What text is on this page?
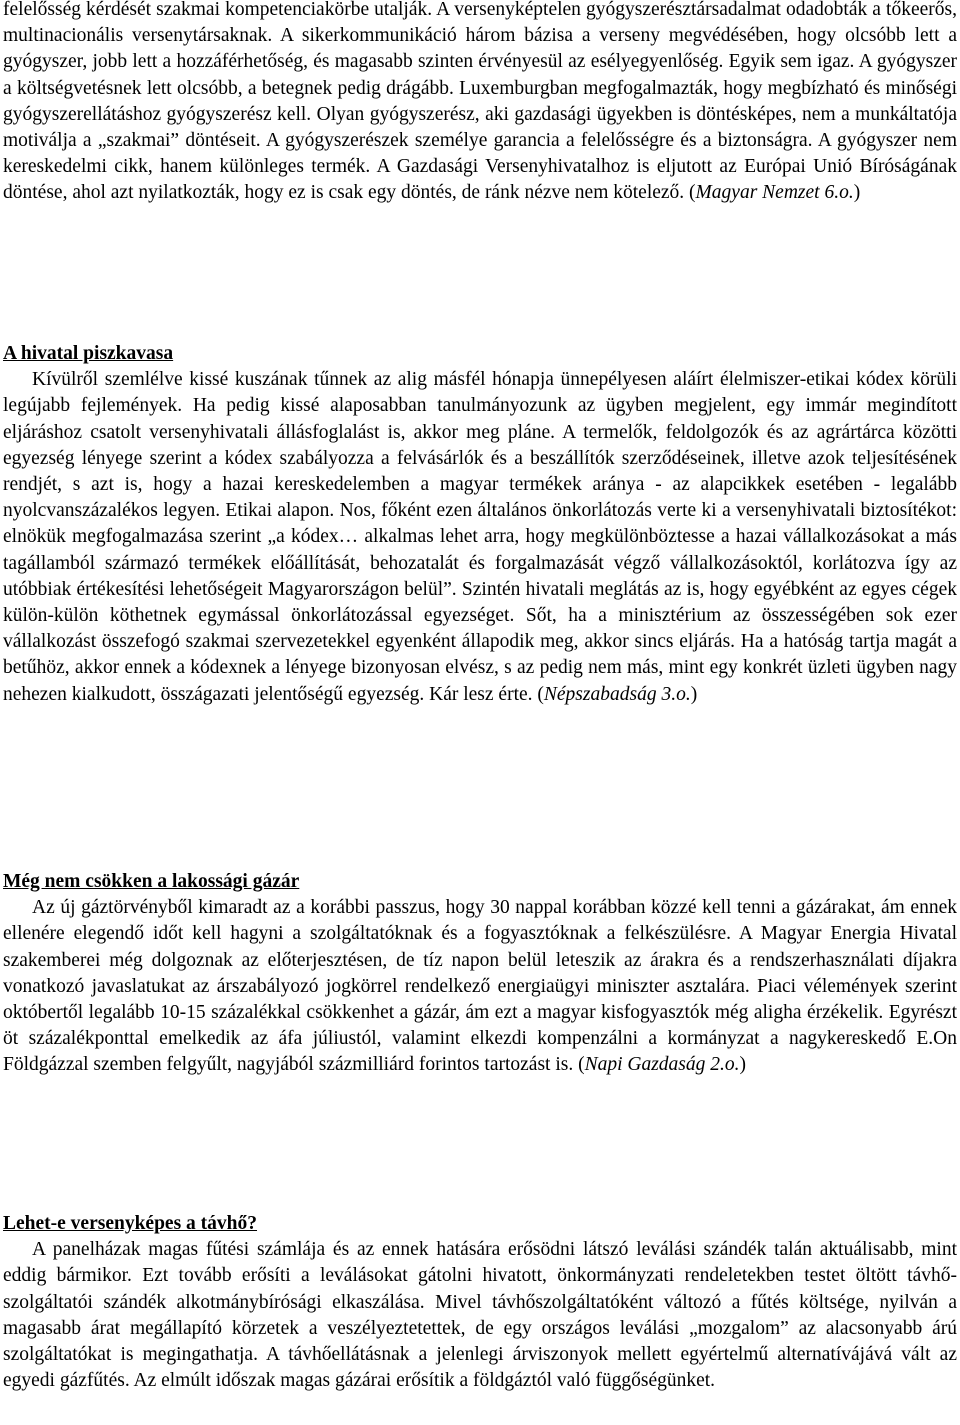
felelősség kérdését szakmai kompetenciakörbe utalják. A versenyképtelen gyógyszerésztársadalmat odadobták a tőkeerős, multinacionális versenytársaknak. A sikerkommunikáció három bázisa a verseny megvédésében, hogy olcsóbb lett a gyógyszer, jobb lett a hozzáférhetőség, és magasabb szinten érvényesül az esélyegyenlőség. Egyik sem igaz. A gyógyszer a költségvetésnek lett olcsóbb, a betegnek pedig drágább. Luxemburgban megfogalmazták, hogy megbízható és minőségi gyógyszerellátáshoz gyógyszerész kell. Olyan gyógyszerész, aki gazdasági ügyekben is döntésképes, nem a munkáltatója motiválja a „szakmai” döntéseit. A gyógyszerészek személye garancia a felelősségre és a biztonságra. A gyógyszer nem kereskedelmi cikk, hanem különleges termék. A Gazdasági Versenyhivatalhoz is eljutott az Európai Unió Bíróságának döntése, ahol azt nyilatkozták, hogy ez is csak egy döntés, de ránk nézve nem kötelező. (Magyar Nemzet 6.o.)

A hivatal piszkavasa

Kívülről szemlélve kissé kuszának tűnnek az alig másfél hónapja ünnepélyesen aláírt élelmiszer-etikai kódex körüli legújabb fejlemények. Ha pedig kissé alaposabban tanulmányozunk az ügyben megjelent, egy immár megindított eljáráshoz csatolt versenyhivatali állásfoglalást is, akkor meg pláne. A termelők, feldolgozók és az agrártárca közötti egyezség lényege szerint a kódex szabályozza a felvásárlók és a beszállítók szerződéseinek, illetve azok teljesítésének rendjét, s azt is, hogy a hazai kereskedelemben a magyar termékek aránya - az alapcikkek esetében - legalább nyolcvanszázalékos legyen. Etikai alapon. Nos, főként ezen általános önkorlátozás verte ki a versenyhivatali biztosítékot: elnökük megfogalmazása szerint „a kódex… alkalmas lehet arra, hogy megkülönböztesse a hazai vállalkozásokat a más tagállamból származó termékek előállítását, behozatalát és forgalmazását végző vállalkozásoktól, korlátozva így az utóbbiak értékesítési lehetőségeit Magyarországon belül”. Szintén hivatali meglátás az is, hogy egyébként az egyes cégek külön-külön köthetnek egymással önkorlátozással egyezséget. Sőt, ha a minisztérium az összességében sok ezer vállalkozást összefogó szakmai szervezetekkel egyenként állapodik meg, akkor sincs eljárás. Ha a hatóság tartja magát a betűhöz, akkor ennek a kódexnek a lényege bizonyosan elvész, s az pedig nem más, mint egy konkrét üzleti ügyben nagy nehezen kialkudott, összágazati jelentőségű egyezség. Kár lesz érte. (Népszabadság 3.o.)

Még nem csökken a lakossági gázár

Az új gáztörvényből kimaradt az a korábbi passzus, hogy 30 nappal korábban közzé kell tenni a gázárakat, ám ennek ellenére elegendő időt kell hagyni a szolgáltatóknak és a fogyasztóknak a felkészülésre. A Magyar Energia Hivatal szakemberei még dolgoznak az előterjesztésen, de tíz napon belül leteszik az árakra és a rendszerhasználati díjakra vonatkozó javaslatukat az árszabályozó jogkörrel rendelkező energiaügyi miniszter asztalára. Piaci vélemények szerint októbertől legalább 10-15 százalékkal csökkenhet a gázár, ám ezt a magyar kisfogyasztók még aligha érzékelik. Egyrészt öt százalékponttal emelkedik az áfa júliustól, valamint elkezdi kompenzálni a kormányzat a nagykereskedő E.On Földgázzal szemben felgyűlt, nagyjából százmilliárd forintos tartozást is. (Napi Gazdaság 2.o.)

Lehet-e versenyképes a távhő?

A panelházak magas fűtési számlája és az ennek hatására erősödni látszó leválási szándék talán aktuálisabb, mint eddig bármikor. Ezt tovább erősíti a leválásokat gátolni hivatott, önkormányzati rendeletekben testet öltött távhő-szolgáltatói szándék alkotmánybírósági elkaszálása. Mivel távhőszolgáltatóként változó a fűtés költsége, nyilván a magasabb árat megállapító körzetek a veszélyeztetettek, de egy országos leválási „mozgalom” az alacsonyabb árú szolgáltatókat is megingathatja. A távhőellátásnak a jelenlegi árviszonyok mellett egyértelmű alternatívájává vált az egyedi gázfűtés. Az elmúlt időszak magas gázárai erősítik a földgáztól való függőségünket.
